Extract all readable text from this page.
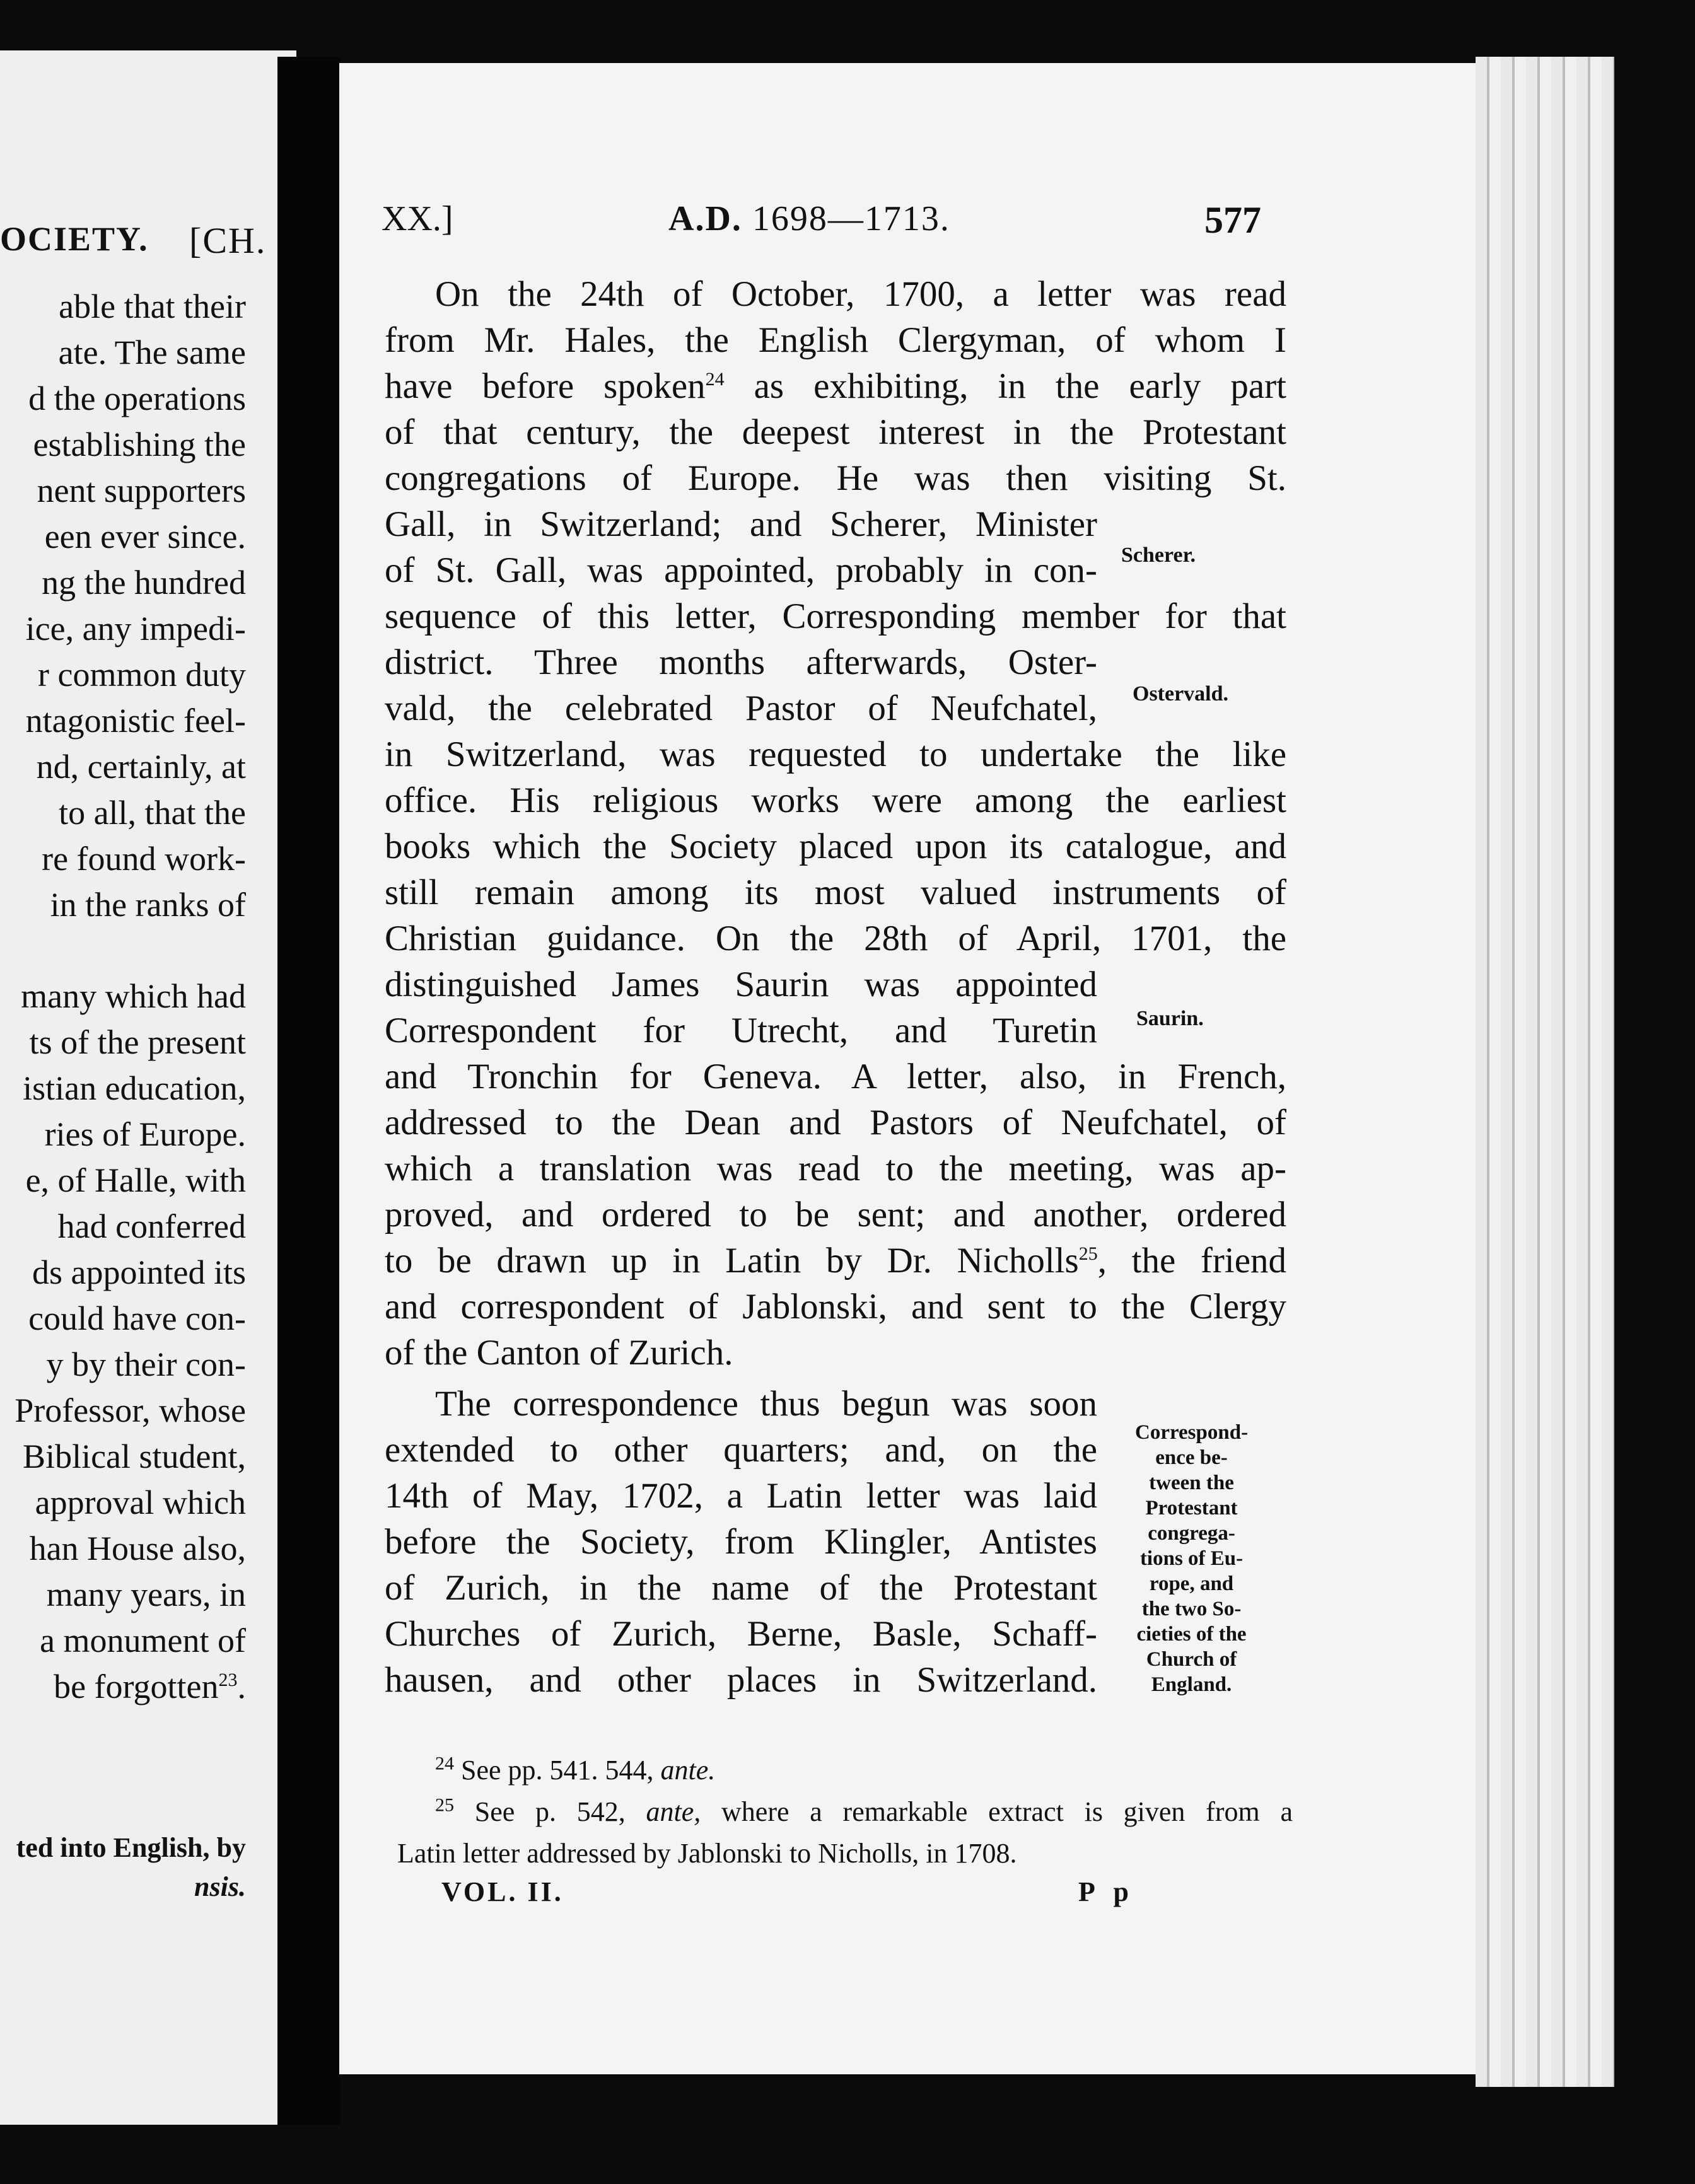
OCIETY. [CH.
able that their
ate. The same
d the operations
establishing the
nent supporters
een ever since.
ng the hundred
ice, any impedi-
r common duty
ntagonistic feel-
nd, certainly, at
to all, that the
re found work-
in the ranks of
many which had
ts of the present
istian education,
ries of Europe.
e, of Halle, with
had conferred
ds appointed its
could have con-
y by their con-
Professor, whose
Biblical student,
approval which
han House also,
many years, in
a monument of
be forgotten$^{23}$.
ted into English, by
nsis.
XX.]	A.D. 1698—1713.	577
On the 24th of October, 1700, a letter was read
from Mr. Hales, the English Clergyman, of whom I
have before spoken$^{24}$ as exhibiting, in the early part
of that century, the deepest interest in the Protestant
congregations of Europe. He was then visiting St.
Gall, in Switzerland; and Scherer, Minister
of St. Gall, was appointed, probably in con-
sequence of this letter, Corresponding member for that
district. Three months afterwards, Oster-
vald, the celebrated Pastor of Neufchatel,
in Switzerland, was requested to undertake the like
office. His religious works were among the earliest
books which the Society placed upon its catalogue, and
still remain among its most valued instruments of
Christian guidance. On the 28th of April, 1701, the
distinguished James Saurin was appointed
Correspondent for Utrecht, and Turetin
and Tronchin for Geneva. A letter, also, in French,
addressed to the Dean and Pastors of Neufchatel, of
which a translation was read to the meeting, was ap-
proved, and ordered to be sent; and another, ordered
to be drawn up in Latin by Dr. Nicholls$^{25}$, the friend
and correspondent of Jablonski, and sent to the Clergy
of the Canton of Zurich.
The correspondence thus begun was soon
extended to other quarters; and, on the
14th of May, 1702, a Latin letter was laid
before the Society, from Klingler, Antistes
of Zurich, in the name of the Protestant
Churches of Zurich, Berne, Basle, Schaff-
hausen, and other places in Switzerland.
Scherer.
Ostervald.
Saurin.
Correspond-
ence be-
tween the
Protestant
congrega-
tions of Eu-
rope, and
the two So-
cieties of the
Church of
England.
$^{24}$ See pp. 541. 544, ante.
$^{25}$ See p. 542, ante, where a remarkable extract is given from a
Latin letter addressed by Jablonski to Nicholls, in 1708.
VOL. II.	P p
